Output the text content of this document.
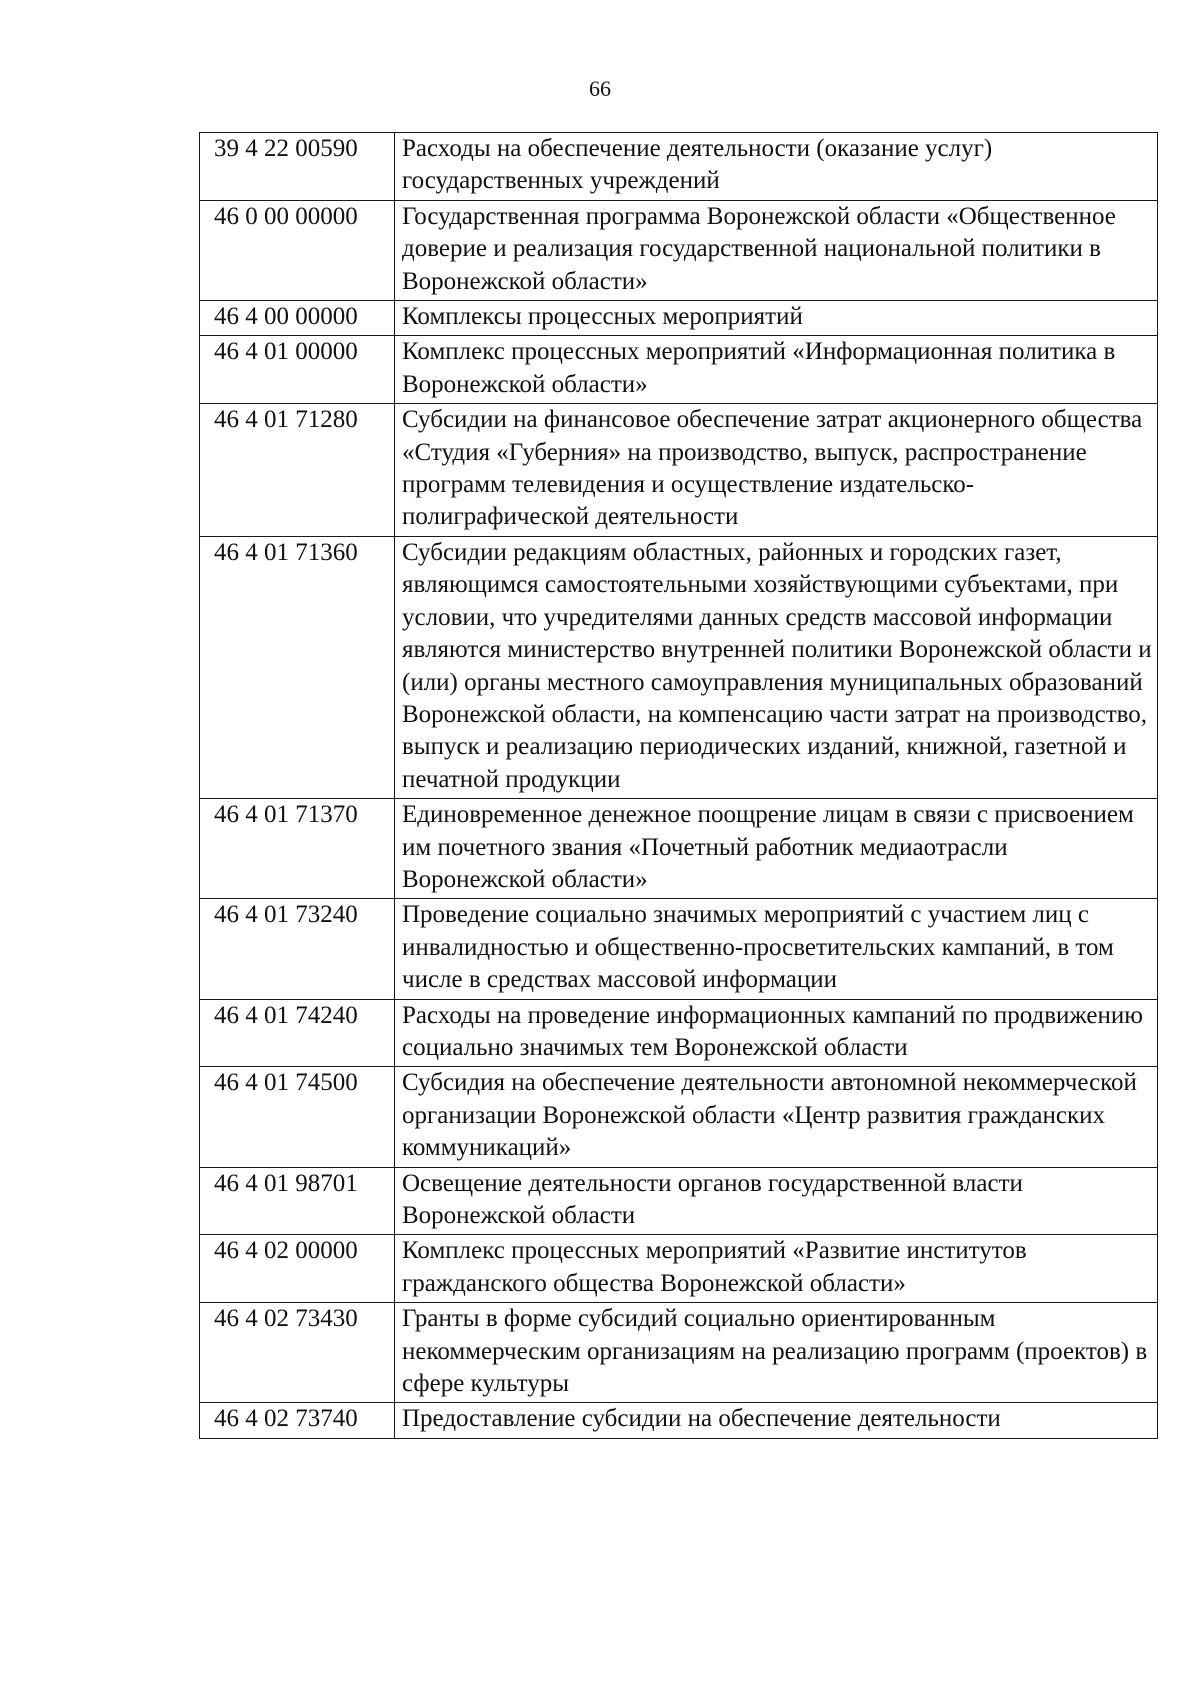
66
39 4 22 00590	Расходы на обеспечение деятельности (оказание услуг) государственных учреждений
46 0 00 00000	Государственная программа Воронежской области «Общественное доверие и реализация государственной национальной политики в Воронежской области»
46 4 00 00000	Комплексы процессных мероприятий
46 4 01 00000	Комплекс процессных мероприятий «Информационная политика в Воронежской области»
46 4 01 71280	Субсидии на финансовое обеспечение затрат акционерного общества «Студия «Губерния» на производство, выпуск, распространение программ телевидения и осуществление издательско-полиграфической деятельности
46 4 01 71360	Субсидии редакциям областных, районных и городских газет, являющимся самостоятельными хозяйствующими субъектами, при условии, что учредителями данных средств массовой информации являются министерство внутренней политики Воронежской области и (или) органы местного самоуправления муниципальных образований Воронежской области, на компенсацию части затрат на производство, выпуск и реализацию периодических изданий, книжной, газетной и печатной продукции
46 4 01 71370	Единовременное денежное поощрение лицам в связи с присвоением им почетного звания «Почетный работник медиаотрасли Воронежской области»
46 4 01 73240	Проведение социально значимых мероприятий с участием лиц с инвалидностью и общественно-просветительских кампаний, в том числе в средствах массовой информации
46 4 01 74240	Расходы на проведение информационных кампаний по продвижению социально значимых тем Воронежской области
46 4 01 74500	Субсидия на обеспечение деятельности автономной некоммерческой организации Воронежской области «Центр развития гражданских коммуникаций»
46 4 01 98701	Освещение деятельности органов государственной власти Воронежской области
46 4 02 00000	Комплекс процессных мероприятий «Развитие институтов гражданского общества Воронежской области»
46 4 02 73430	Гранты в форме субсидий социально ориентированным некоммерческим организациям на реализацию программ (проектов) в сфере культуры
46 4 02 73740	Предоставление субсидии на обеспечение деятельности
